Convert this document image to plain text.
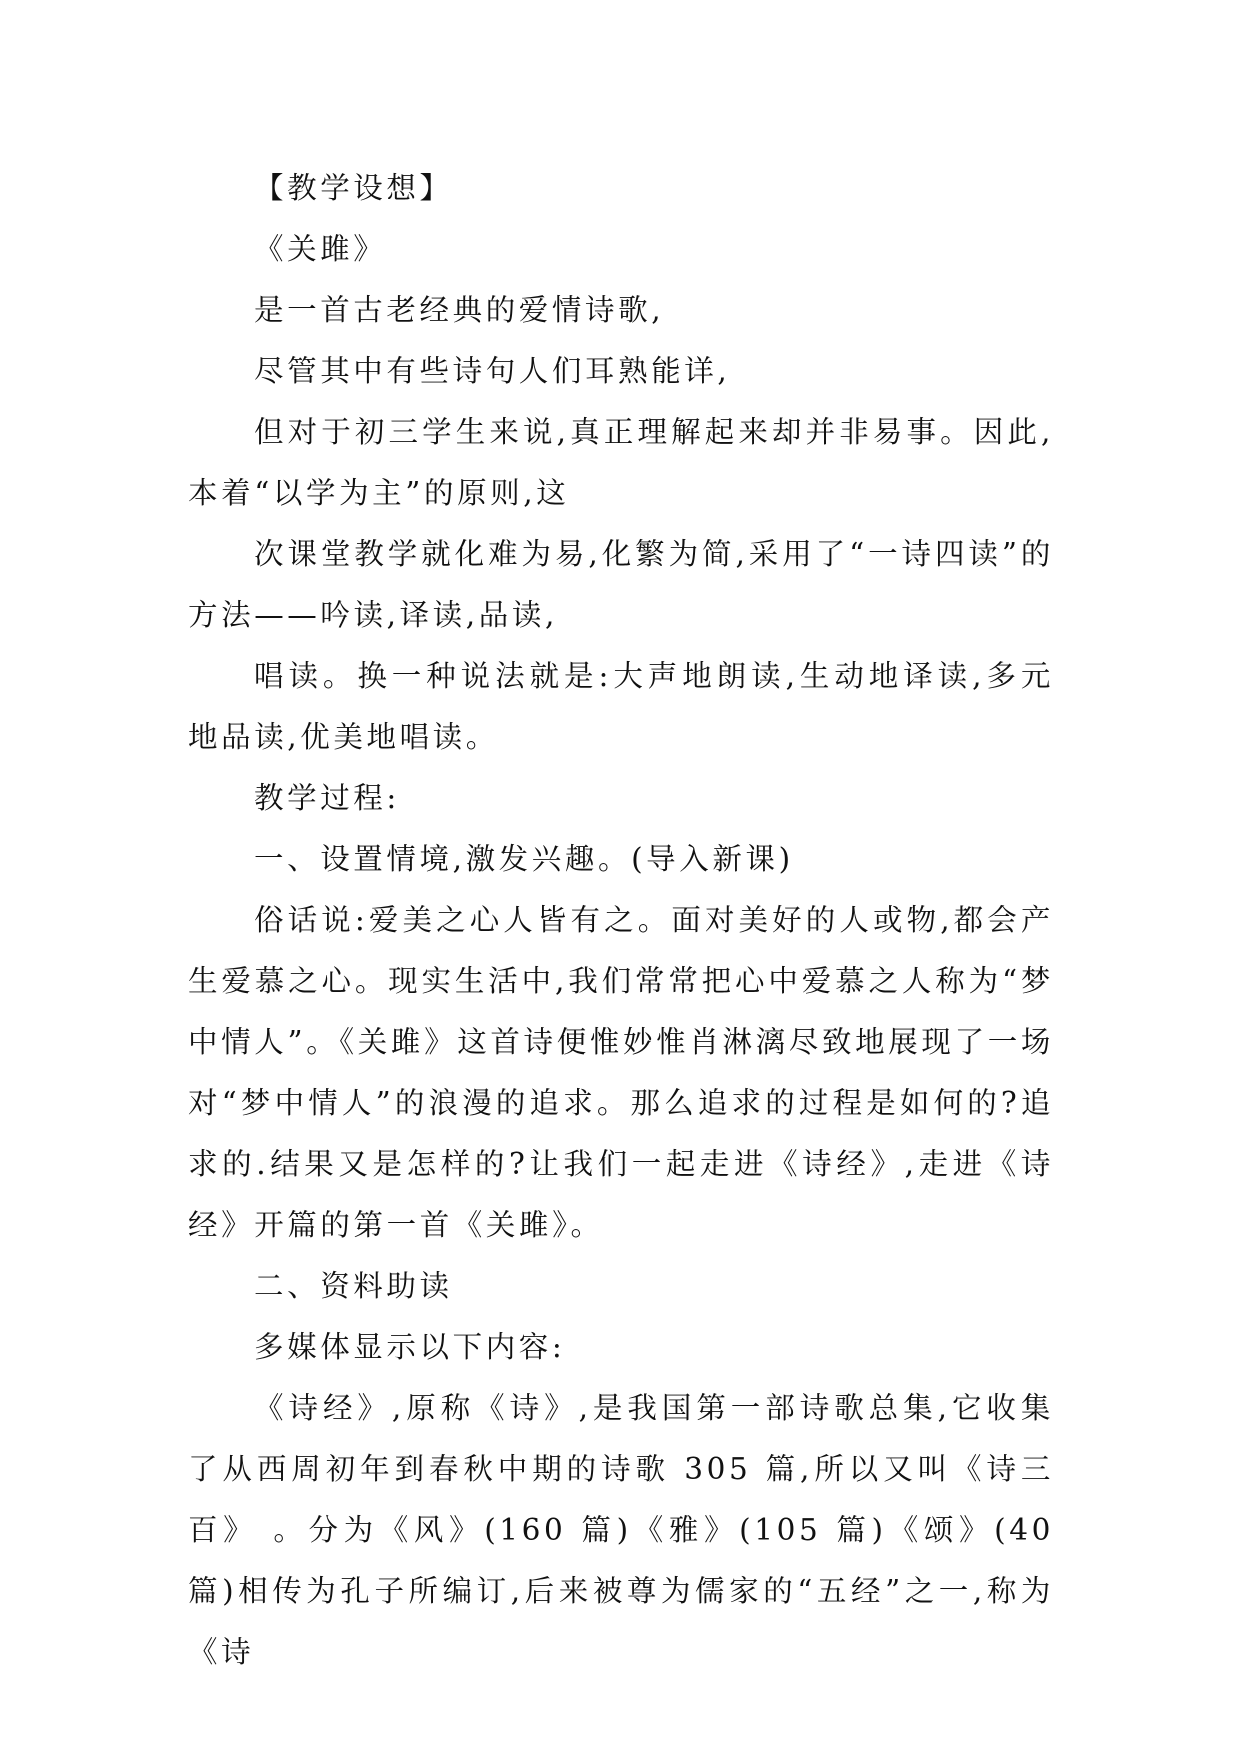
【教学设想】

《关雎》

是一首古老经典的爱情诗歌,

尽管其中有些诗句人们耳熟能详,

但对于初三学生来说,真正理解起来却并非易事。因此,本着“以学为主”的原则,这

次课堂教学就化难为易,化繁为简,采用了“一诗四读”的方法——吟读,译读,品读,

唱读。换一种说法就是:大声地朗读,生动地译读,多元地品读,优美地唱读。

教学过程:

一、设置情境,激发兴趣。(导入新课)

俗话说:爱美之心人皆有之。面对美好的人或物,都会产生爱慕之心。现实生活中,我们常常把心中爱慕之人称为“梦中情人”。《关雎》这首诗便惟妙惟肖淋漓尽致地展现了一场对“梦中情人”的浪漫的追求。那么追求的过程是如何的?追求的.结果又是怎样的?让我们一起走进《诗经》,走进《诗经》开篇的第一首《关雎》。

二、资料助读

多媒体显示以下内容:

《诗经》,原称《诗》,是我国第一部诗歌总集,它收集了从西周初年到春秋中期的诗歌 305 篇,所以又叫《诗三百》 。分为《风》(160 篇)《雅》(105 篇)《颂》(40 篇)相传为孔子所编订,后来被尊为儒家的“五经”之一,称为《诗
